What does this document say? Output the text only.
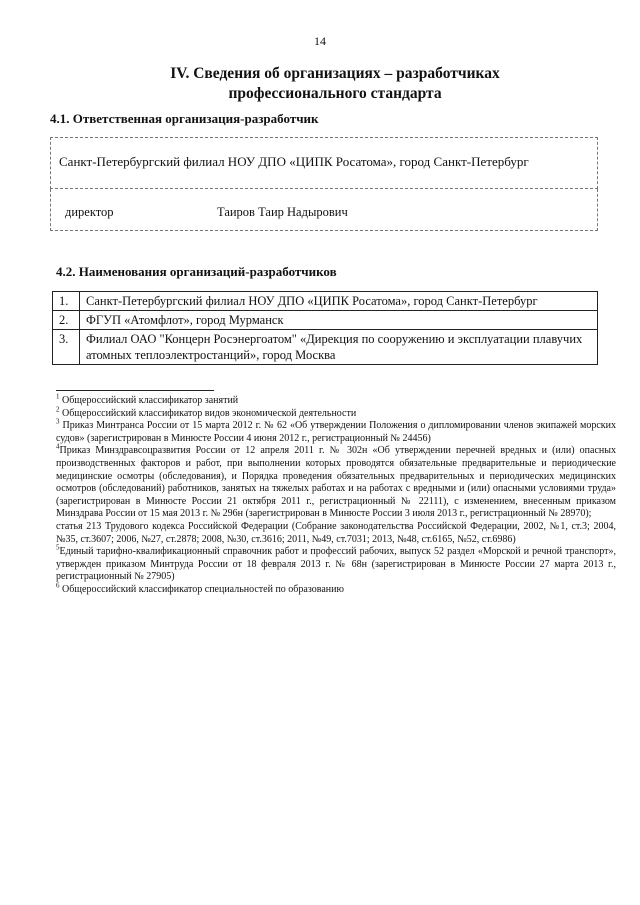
14
IV. Сведения об организациях – разработчиках профессионального стандарта
4.1. Ответственная организация-разработчик
Санкт-Петербургский филиал НОУ ДПО «ЦИПК Росатома», город Санкт-Петербург
директор	Таиров Таир Надырович
4.2. Наименования организаций-разработчиков
1.	Санкт-Петербургский филиал НОУ ДПО «ЦИПК Росатома», город Санкт-Петербург
2.	ФГУП «Атомфлот», город Мурманск
3.	Филиал ОАО "Концерн Росэнергоатом" «Дирекция по сооружению и эксплуатации плавучих атомных теплоэлектростанций», город Москва

$^1$ Общероссийский классификатор занятий

$^2$ Общероссийский классификатор видов экономической деятельности

$^3$ Приказ Минтранса России от 15 марта 2012 г. № 62 «Об утверждении Положения о дипломировании членов экипажей морских судов» (зарегистрирован в Минюсте России 4 июня 2012 г., регистрационный № 24456)

$^4$Приказ Минздравсоцразвития России от 12 апреля 2011 г. № 302н «Об утверждении перечней вредных и (или) опасных производственных факторов и работ, при выполнении которых проводятся обязательные предварительные и периодические медицинские осмотры (обследования), и Порядка проведения обязательных предварительных и периодических медицинских осмотров (обследований) работников, занятых на тяжелых работах и на работах с вредными и (или) опасными условиями труда» (зарегистрирован в Минюсте России 21 октября 2011 г., регистрационный № 22111), с изменением, внесенным приказом Минздрава России от 15 мая 2013 г. № 296н (зарегистрирован в Минюсте России 3 июля 2013 г., регистрационный № 28970);

статья 213 Трудового кодекса Российской Федерации (Собрание законодательства Российской Федерации, 2002, №1, ст.3; 2004, №35, ст.3607; 2006, №27, ст.2878; 2008, №30, ст.3616; 2011, №49, ст.7031; 2013, №48, ст.6165, №52, ст.6986)

$^5$Единый тарифно-квалификационный справочник работ и профессий рабочих, выпуск 52 раздел «Морской и речной транспорт», утвержден приказом Минтруда России от 18 февраля 2013 г. № 68н (зарегистрирован в Минюсте России 27 марта 2013 г., регистрационный № 27905)

$^6$ Общероссийский классификатор специальностей по образованию
